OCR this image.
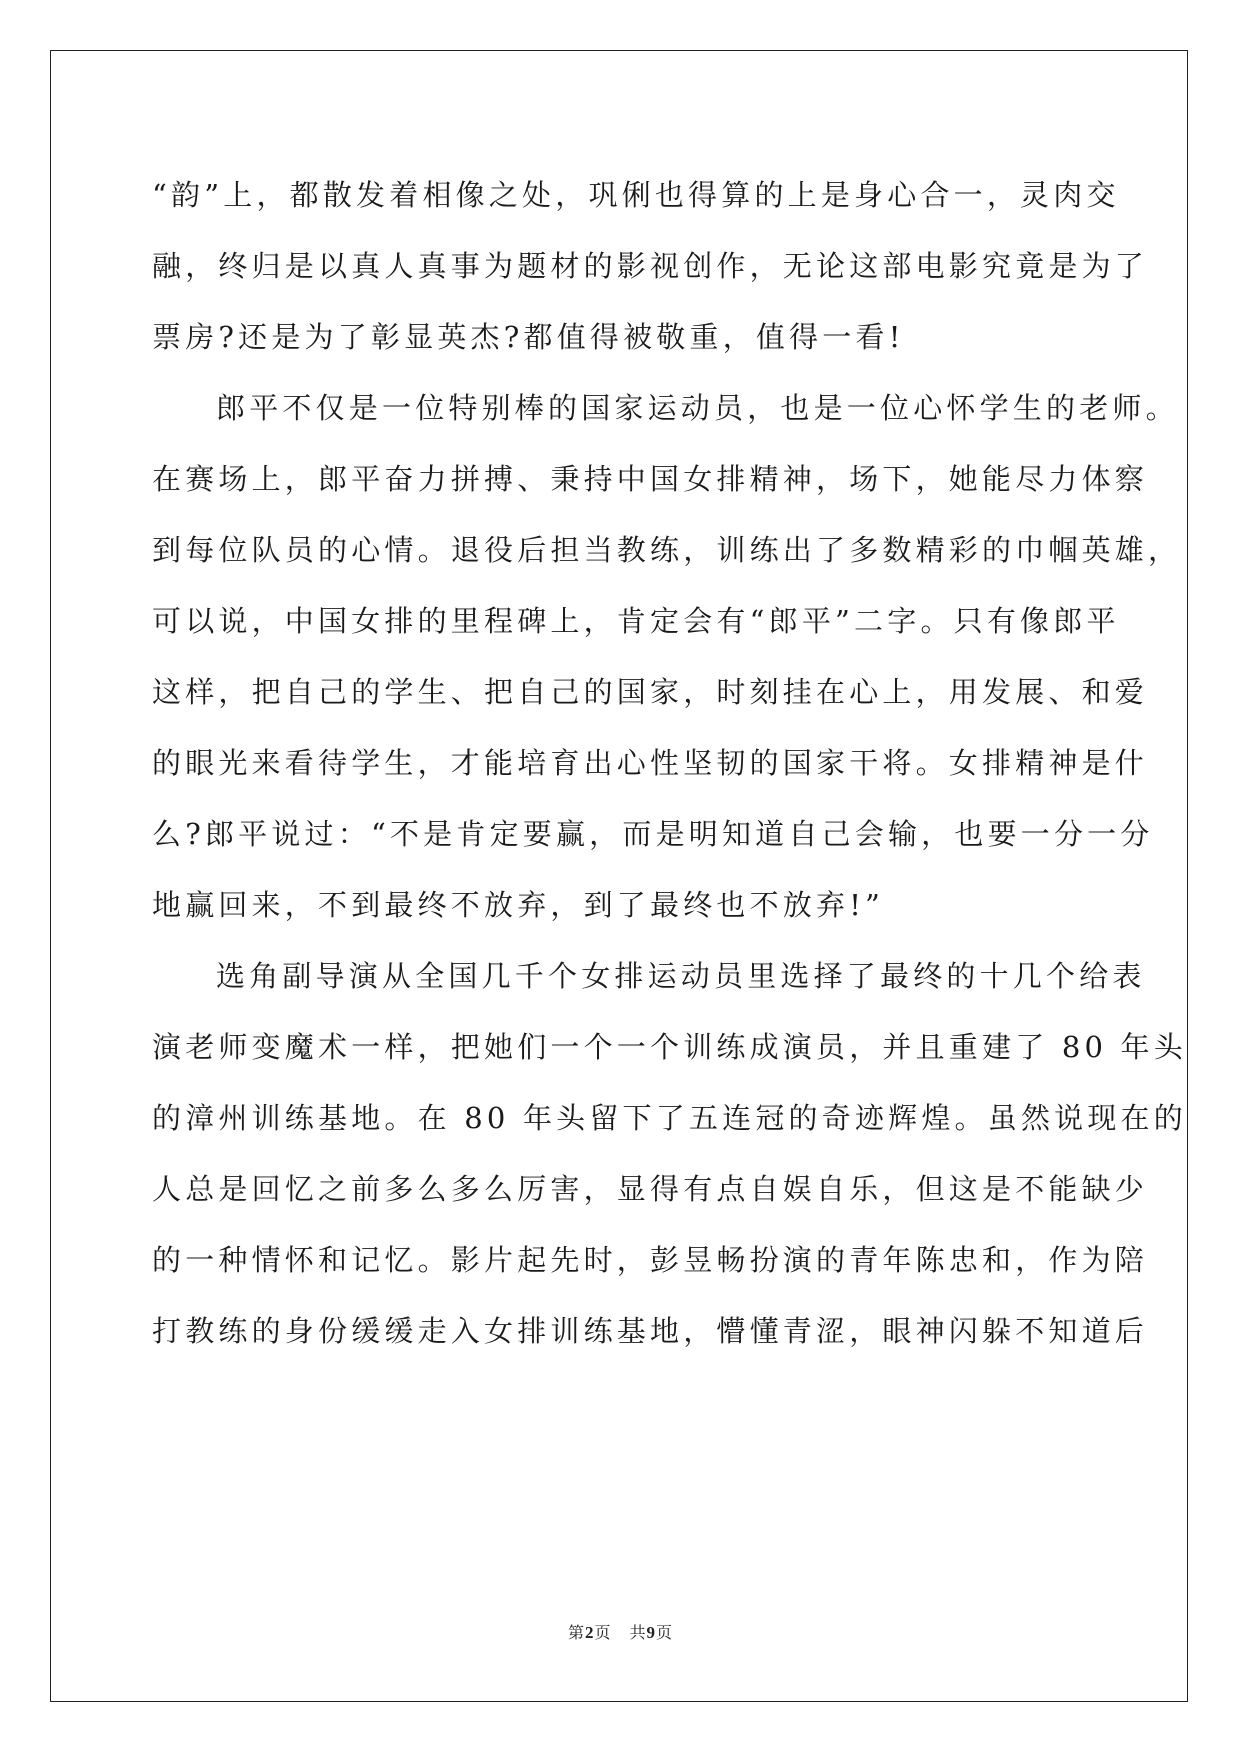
“韵”上，都散发着相像之处，巩俐也得算的上是身心合一，灵肉交
融，终归是以真人真事为题材的影视创作，无论这部电影究竟是为了
票房?还是为了彰显英杰?都值得被敬重，值得一看!
郎平不仅是一位特别棒的国家运动员，也是一位心怀学生的老师。
在赛场上，郎平奋力拼搏、秉持中国女排精神，场下，她能尽力体察
到每位队员的心情。退役后担当教练，训练出了多数精彩的巾帼英雄，
可以说，中国女排的里程碑上，肯定会有“郎平”二字。只有像郎平
这样，把自己的学生、把自己的国家，时刻挂在心上，用发展、和爱
的眼光来看待学生，才能培育出心性坚韧的国家干将。女排精神是什
么?郎平说过：“不是肯定要赢，而是明知道自己会输，也要一分一分
地赢回来，不到最终不放弃，到了最终也不放弃!”
选角副导演从全国几千个女排运动员里选择了最终的十几个给表
演老师变魔术一样，把她们一个一个训练成演员，并且重建了 80 年头
的漳州训练基地。在 80 年头留下了五连冠的奇迹辉煌。虽然说现在的
人总是回忆之前多么多么厉害，显得有点自娱自乐，但这是不能缺少
的一种情怀和记忆。影片起先时，彭昱畅扮演的青年陈忠和，作为陪
打教练的身份缓缓走入女排训练基地，懵懂青涩，眼神闪躲不知道后
第2页 共9页
